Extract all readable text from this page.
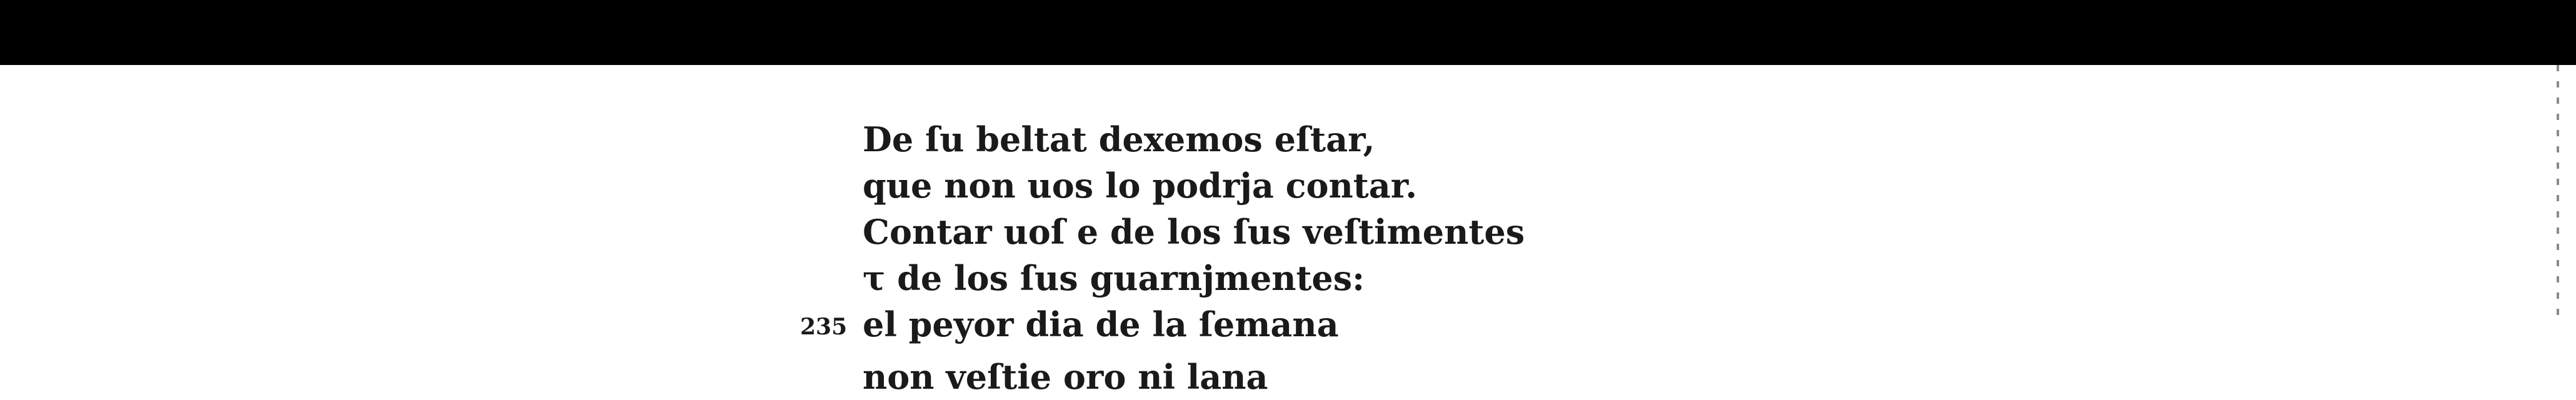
De ſu beltat dexemos eſtar,
que non uos lo podrja contar.
Contar uoſ e de los ſus veſtimentes
τ de los ſus guarnjmentes:
235 el peyor dia de la ſemana
non veſtie oro ni lana
